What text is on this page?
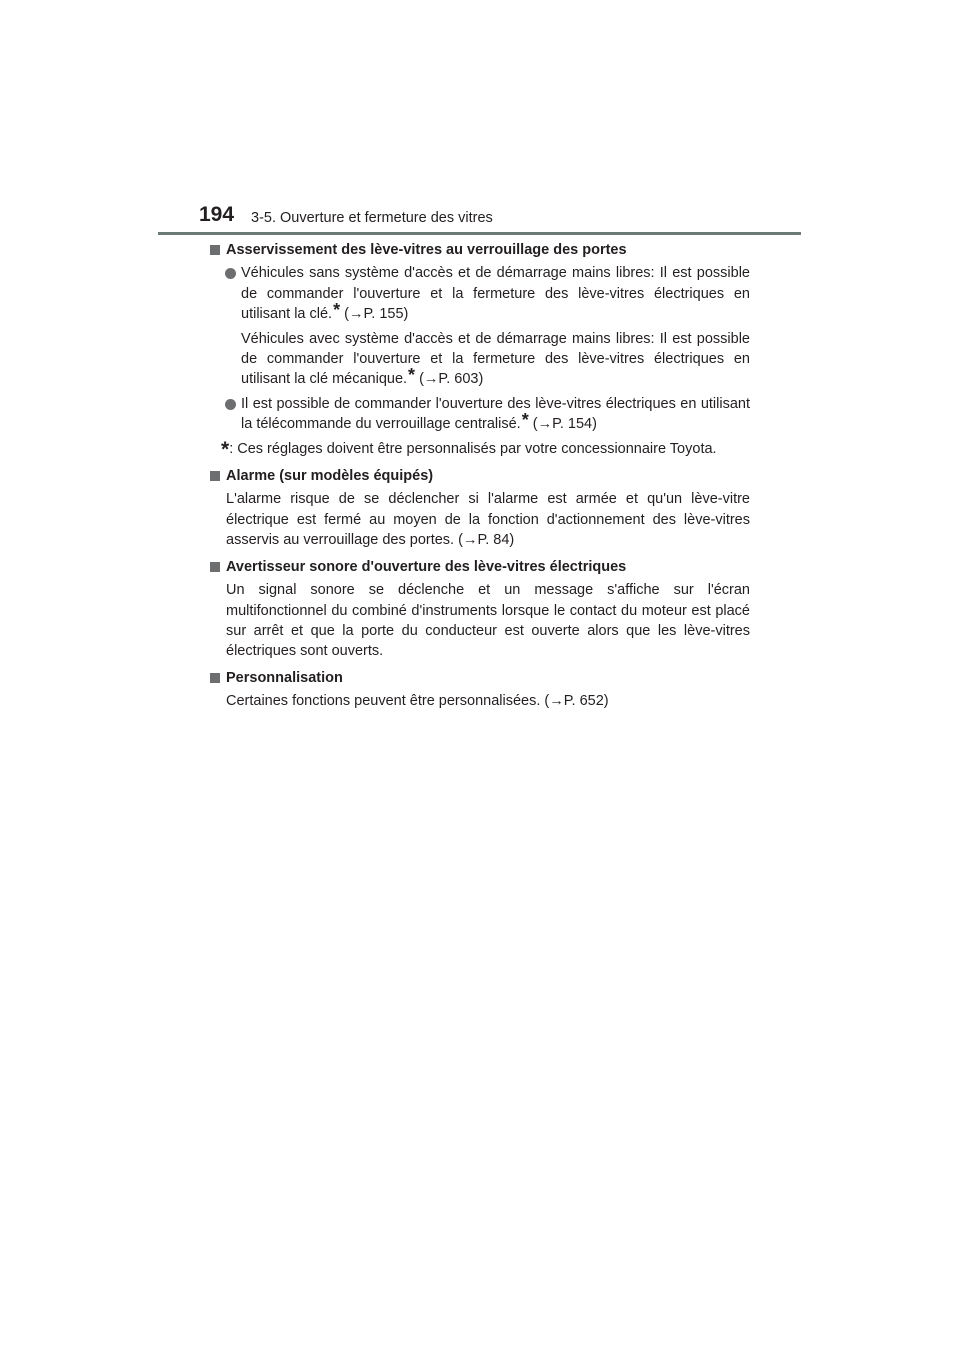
194 3-5. Ouverture et fermeture des vitres
Asservissement des lève-vitres au verrouillage des portes
Véhicules sans système d'accès et de démarrage mains libres: Il est possible de commander l'ouverture et la fermeture des lève-vitres électriques en utilisant la clé.* (→P. 155)
Véhicules avec système d'accès et de démarrage mains libres: Il est possible de commander l'ouverture et la fermeture des lève-vitres électriques en utilisant la clé mécanique.* (→P. 603)
Il est possible de commander l'ouverture des lève-vitres électriques en utilisant la télécommande du verrouillage centralisé.* (→P. 154)
*: Ces réglages doivent être personnalisés par votre concessionnaire Toyota.
Alarme (sur modèles équipés)
L'alarme risque de se déclencher si l'alarme est armée et qu'un lève-vitre électrique est fermé au moyen de la fonction d'actionnement des lève-vitres asservis au verrouillage des portes. (→P. 84)
Avertisseur sonore d'ouverture des lève-vitres électriques
Un signal sonore se déclenche et un message s'affiche sur l'écran multifonctionnel du combiné d'instruments lorsque le contact du moteur est placé sur arrêt et que la porte du conducteur est ouverte alors que les lève-vitres électriques sont ouverts.
Personnalisation
Certaines fonctions peuvent être personnalisées. (→P. 652)
